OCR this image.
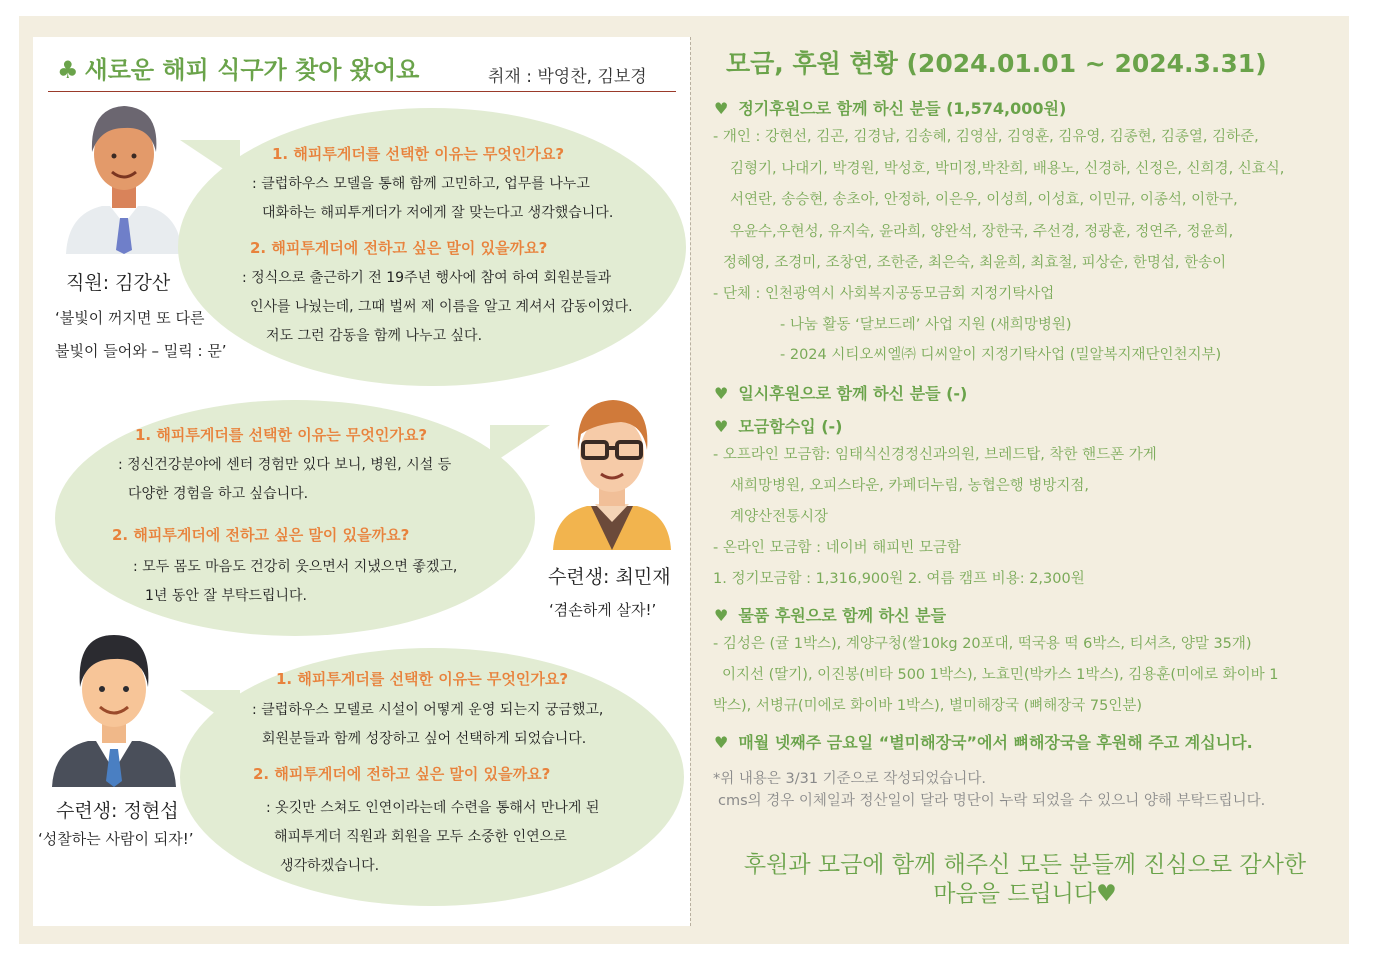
♣ 새로운 해피 식구가 찾아 왔어요	취재 : 박영찬, 김보경
1. 해피투게더를 선택한 이유는 무엇인가요?
: 클럽하우스 모델을 통해 함께 고민하고, 업무를 나누고
대화하는 해피투게더가 저에게 잘 맞는다고 생각했습니다.
2. 해피투게더에 전하고 싶은 말이 있을까요?
: 정식으로 출근하기 전 19주년 행사에 참여 하여 회원분들과
인사를 나눴는데, 그때 벌써 제 이름을 알고 계셔서 감동이였다.
저도 그런 감동을 함께 나누고 싶다.
직원: 김강산
‘불빛이 꺼지면 또 다른
불빛이 들어와 – 밀릭 : 문’
1. 해피투게더를 선택한 이유는 무엇인가요?
: 정신건강분야에 센터 경험만 있다 보니, 병원, 시설 등
다양한 경험을 하고 싶습니다.
2. 해피투게더에 전하고 싶은 말이 있을까요?
: 모두 몸도 마음도 건강히 웃으면서 지냈으면 좋겠고,
1년 동안 잘 부탁드립니다.
수련생: 최민재
‘겸손하게 살자!’
1. 해피투게더를 선택한 이유는 무엇인가요?
: 클럽하우스 모델로 시설이 어떻게 운영 되는지 궁금했고,
회원분들과 함께 성장하고 싶어 선택하게 되었습니다.
2. 해피투게더에 전하고 싶은 말이 있을까요?
: 옷깃만 스쳐도 인연이라는데 수련을 통해서 만나게 된
해피투게더 직원과 회원을 모두 소중한 인연으로
생각하겠습니다.
수련생: 정현섭
‘성찰하는 사람이 되자!’
모금, 후원 현황 (2024.01.01 ~ 2024.3.31)
♥ 정기후원으로 함께 하신 분들 (1,574,000원)
- 개인 : 강현선, 김곤, 김경남, 김송혜, 김영삼, 김영훈, 김유영, 김종현, 김종열, 김하준,
김형기, 나대기, 박경원, 박성호, 박미정,박찬희, 배용노, 신경하, 신정은, 신희경, 신효식,
서연란, 송승현, 송초아, 안정하, 이은우, 이성희, 이성효, 이민규, 이종석, 이한구,
우윤수,우현성, 유지숙, 윤라희, 양완석, 장한국, 주선경, 정광훈, 정연주, 정윤희,
정혜영, 조경미, 조창연, 조한준, 최은숙, 최윤희, 최효철, 피상순, 한명섭, 한송이
- 단체 : 인천광역시 사회복지공동모금회 지정기탁사업
- 나눔 활동 ‘달보드레’ 사업 지원 (새희망병원)
- 2024 시티오씨엘㈜ 디씨알이 지정기탁사업 (밀알복지재단인천지부)
♥ 일시후원으로 함께 하신 분들 (-)
♥ 모금함수입 (-)
- 오프라인 모금함: 임태식신경정신과의원, 브레드탑, 착한 핸드폰 가게
새희망병원, 오피스타운, 카페더누림, 농협은행 병방지점,
계양산전통시장
- 온라인 모금함 : 네이버 해피빈 모금함
1. 정기모금함 : 1,316,900원 2. 여름 캠프 비용: 2,300원
♥ 물품 후원으로 함께 하신 분들
- 김성은 (귤 1박스), 계양구청(쌀10kg 20포대, 떡국용 떡 6박스, 티셔츠, 양말 35개)
이지선 (딸기), 이진봉(비타 500 1박스), 노효민(박카스 1박스), 김용훈(미에로 화이바 1
박스), 서병규(미에로 화이바 1박스), 별미해장국 (뼈해장국 75인분)
♥ 매월 넷째주 금요일 “별미해장국”에서 뼈해장국을 후원해 주고 계십니다.
*위 내용은 3/31 기준으로 작성되었습니다.
cms의 경우 이체일과 정산일이 달라 명단이 누락 되었을 수 있으니 양해 부탁드립니다.
후원과 모금에 함께 해주신 모든 분들께 진심으로 감사한
마음을 드립니다♥
